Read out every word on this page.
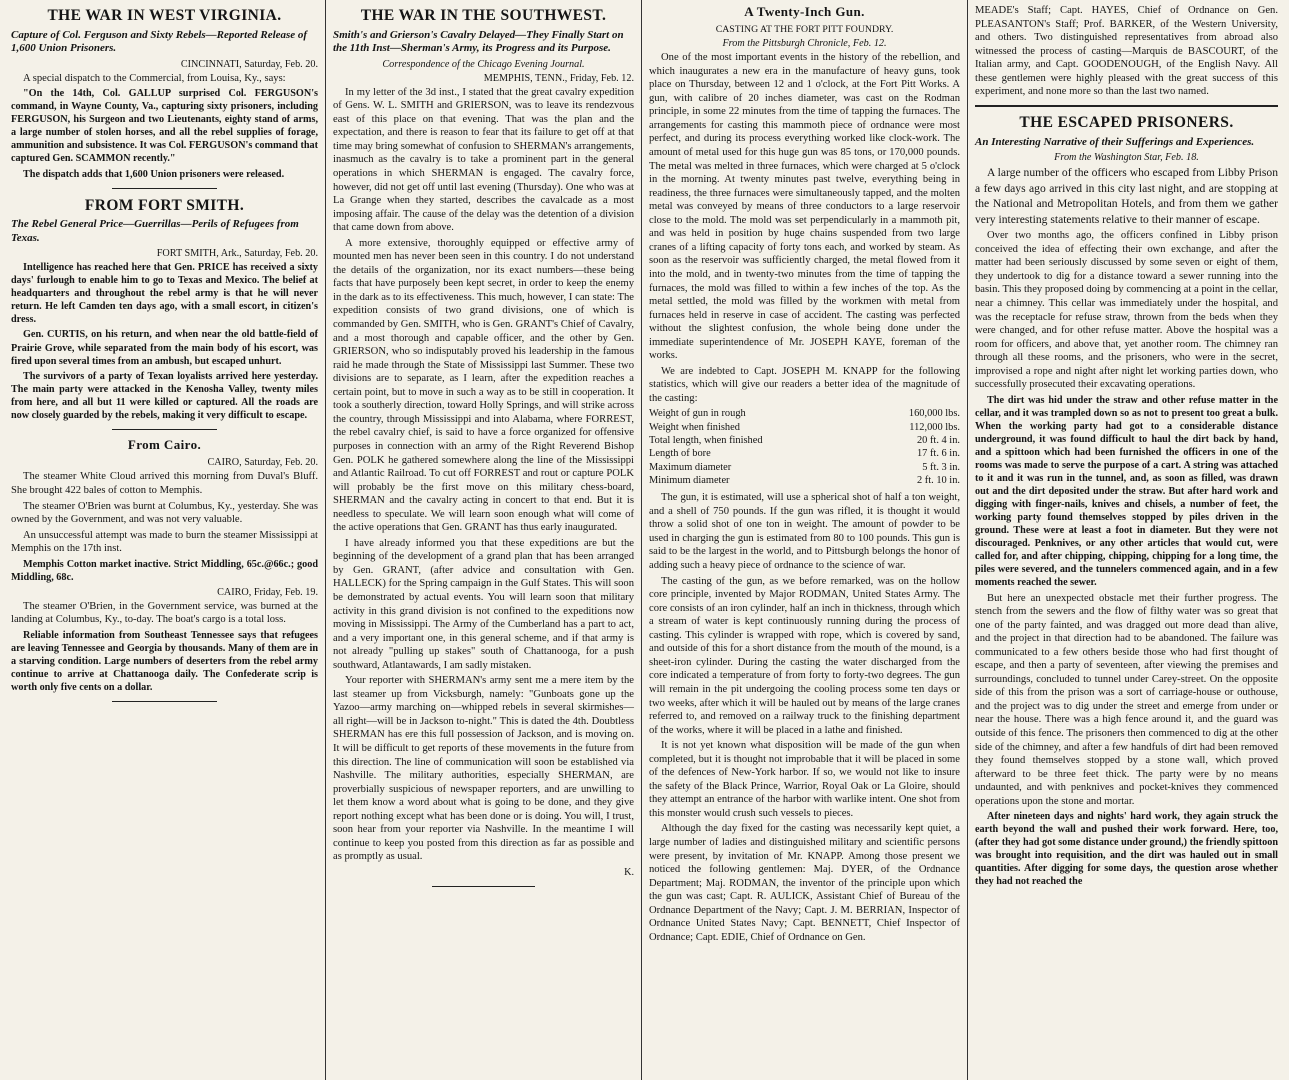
THE WAR IN WEST VIRGINIA.
Capture of Col. Ferguson and Sixty Rebels—Reported Release of 1,600 Union Prisoners.
CINCINNATI, Saturday, Feb. 20.

A special dispatch to the Commercial, from Louisa, Ky., says:

"On the 14th, Col. GALLUP surprised Col. FERGUSON's command, in Wayne County, Va., capturing sixty prisoners, including FERGUSON, his Surgeon and two Lieutenants, eighty stand of arms, a large number of stolen horses, and all the rebel supplies of forage, ammunition and subsistence. It was Col. FERGUSON's command that captured Gen. SCAMMON recently."

The dispatch adds that 1,600 Union prisoners were released.

FROM FORT SMITH.
The Rebel General Price—Guerrillas—Perils of Refugees from Texas.
FORT SMITH, Ark., Saturday, Feb. 20.

Intelligence has reached here that Gen. PRICE has received a sixty days' furlough to enable him to go to Texas and Mexico. The belief at headquarters and throughout the rebel army is that he will never return. He left Camden ten days ago, with a small escort, in citizen's dress.

Gen. CURTIS, on his return, and when near the old battle-field of Prairie Grove, while separated from the main body of his escort, was fired upon several times from an ambush, but escaped unhurt.

The survivors of a party of Texan loyalists arrived here yesterday. The main party were attacked in the Kenosha Valley, twenty miles from here, and all but 11 were killed or captured. All the roads are now closely guarded by the rebels, making it very difficult to escape.

From Cairo.
CAIRO, Saturday, Feb. 20.

The steamer White Cloud arrived this morning from Duval's Bluff. She brought 422 bales of cotton to Memphis.

The steamer O'Brien was burnt at Columbus, Ky., yesterday. She was owned by the Government, and was not very valuable.

An unsuccessful attempt was made to burn the steamer Mississippi at Memphis on the 17th inst.

Memphis Cotton market inactive. Strict Middling, 65c.@66c.; good Middling, 68c.

CAIRO, Friday, Feb. 19.

The steamer O'Brien, in the Government service, was burned at the landing at Columbus, Ky., to-day. The boat's cargo is a total loss.

Reliable information from Southeast Tennessee says that refugees are leaving Tennessee and Georgia by thousands. Many of them are in a starving condition. Large numbers of deserters from the rebel army continue to arrive at Chattanooga daily. The Confederate scrip is worth only five cents on a dollar.

THE WAR IN THE SOUTHWEST.
Smith's and Grierson's Cavalry Delayed—They Finally Start on the 11th Inst—Sherman's Army, its Progress and its Purpose.
Correspondence of the Chicago Evening Journal.
MEMPHIS, TENN., Friday, Feb. 12.

In my letter of the 3d inst., I stated that the great cavalry expedition of Gens. W. L. SMITH and GRIERSON, was to leave its rendezvous east of this place on that evening. That was the plan and the expectation, and there is reason to fear that its failure to get off at that time may bring somewhat of confusion to SHERMAN's arrangements, inasmuch as the cavalry is to take a prominent part in the general operations in which SHERMAN is engaged. The cavalry force, however, did not get off until last evening (Thursday). One who was at La Grange when they started, describes the cavalcade as a most imposing affair. The cause of the delay was the detention of a division that came down from above.

A more extensive, thoroughly equipped or effective army of mounted men has never been seen in this country. I do not understand the details of the organization, nor its exact numbers—these being facts that have purposely been kept secret, in order to keep the enemy in the dark as to its effectiveness. This much, however, I can state: The expedition consists of two grand divisions, one of which is commanded by Gen. SMITH, who is Gen. GRANT's Chief of Cavalry, and a most thorough and capable officer, and the other by Gen. GRIERSON, who so indisputably proved his leadership in the famous raid he made through the State of Mississippi last Summer. These two divisions are to separate, as I learn, after the expedition reaches a certain point, but to move in such a way as to be still in cooperation. It took a southerly direction, toward Holly Springs, and will strike across the country, through Mississippi and into Alabama, where FORREST, the rebel cavalry chief, is said to have a force organized for offensive purposes in connection with an army of the Right Reverend Bishop Gen. POLK he gathered somewhere along the line of the Mississippi and Atlantic Railroad. To cut off FORREST and rout or capture POLK will probably be the first move on this military chess-board, SHERMAN and the cavalry acting in concert to that end. But it is needless to speculate. We will learn soon enough what will come of the active operations that Gen. GRANT has thus early inaugurated.

I have already informed you that these expeditions are but the beginning of the development of a grand plan that has been arranged by Gen. GRANT, (after advice and consultation with Gen. HALLECK) for the Spring campaign in the Gulf States. This will soon be demonstrated by actual events. You will learn soon that military activity in this grand division is not confined to the expeditions now moving in Mississippi. The Army of the Cumberland has a part to act, and a very important one, in this general scheme, and if that army is not already "pulling up stakes" south of Chattanooga, for a push southward, Atlantawards, I am sadly mistaken.

Your reporter with SHERMAN's army sent me a mere item by the last steamer up from Vicksburgh, namely: "Gunboats gone up the Yazoo—army marching on—whipped rebels in several skirmishes—all right—will be in Jackson to-night." This is dated the 4th. Doubtless SHERMAN has ere this full possession of Jackson, and is moving on. It will be difficult to get reports of these movements in the future from this direction. The line of communication will soon be established via Nashville. The military authorities, especially SHERMAN, are proverbially suspicious of newspaper reporters, and are unwilling to let them know a word about what is going to be done, and they give report nothing except what has been done or is doing. You will, I trust, soon hear from your reporter via Nashville. In the meantime I will continue to keep you posted from this direction as far as possible and as promptly as usual.

K.
A Twenty-Inch Gun.
CASTING AT THE FORT PITT FOUNDRY.
From the Pittsburgh Chronicle, Feb. 12.

One of the most important events in the history of the rebellion, and which inaugurates a new era in the manufacture of heavy guns, took place on Thursday, between 12 and 1 o'clock, at the Fort Pitt Works. A gun, with calibre of 20 inches diameter, was cast on the Rodman principle, in some 22 minutes from the time of tapping the furnaces. The arrangements for casting this mammoth piece of ordnance were most perfect, and during its process everything worked like clock-work. The amount of metal used for this huge gun was 85 tons, or 170,000 pounds. The metal was melted in three furnaces, which were charged at 5 o'clock in the morning. At twenty minutes past twelve, everything being in readiness, the three furnaces were simultaneously tapped, and the molten metal was conveyed by means of three conductors to a large reservoir close to the mold. The mold was set perpendicularly in a mammoth pit, and was held in position by huge chains suspended from two large cranes of a lifting capacity of forty tons each, and worked by steam. As soon as the reservoir was sufficiently charged, the metal flowed from it into the mold, and in twenty-two minutes from the time of tapping the furnaces, the mold was filled to within a few inches of the top. As the metal settled, the mold was filled by the workmen with metal from furnaces held in reserve in case of accident. The casting was perfected without the slightest confusion, the whole being done under the immediate superintendence of Mr. JOSEPH KAYE, foreman of the works.

We are indebted to Capt. JOSEPH M. KNAPP for the following statistics, which will give our readers a better idea of the magnitude of the casting:

Weight of gun in rough	160,000 lbs.
Weight when finished	112,000 lbs.
Total length, when finished	20 ft. 4 in.
Length of bore	17 ft. 6 in.
Maximum diameter	5 ft. 3 in.
Minimum diameter	2 ft. 10 in.

The gun, it is estimated, will use a spherical shot of half a ton weight, and a shell of 750 pounds. If the gun was rifled, it is thought it would throw a solid shot of one ton in weight. The amount of powder to be used in charging the gun is estimated from 80 to 100 pounds. This gun is said to be the largest in the world, and to Pittsburgh belongs the honor of adding such a heavy piece of ordnance to the science of war.

The casting of the gun, as we before remarked, was on the hollow core principle, invented by Major RODMAN, United States Army. The core consists of an iron cylinder, half an inch in thickness, through which a stream of water is kept continuously running during the process of casting. This cylinder is wrapped with rope, which is covered by sand, and outside of this for a short distance from the mouth of the mound, is a sheet-iron cylinder. During the casting the water discharged from the core indicated a temperature of from forty to forty-two degrees. The gun will remain in the pit undergoing the cooling process some ten days or two weeks, after which it will be hauled out by means of the large cranes referred to, and removed on a railway truck to the finishing department of the works, where it will be placed in a lathe and finished.

It is not yet known what disposition will be made of the gun when completed, but it is thought not improbable that it will be placed in some of the defences of New-York harbor. If so, we would not like to insure the safety of the Black Prince, Warrior, Royal Oak or La Gloire, should they attempt an entrance of the harbor with warlike intent. One shot from this monster would crush such vessels to pieces.

Although the day fixed for the casting was necessarily kept quiet, a large number of ladies and distinguished military and scientific persons were present, by invitation of Mr. KNAPP. Among those present we noticed the following gentlemen: Maj. DYER, of the Ordnance Department; Maj. RODMAN, the inventor of the principle upon which the gun was cast; Capt. R. AULICK, Assistant Chief of Bureau of the Ordnance Department of the Navy; Capt. J. M. BERRIAN, Inspector of Ordnance United States Navy; Capt. BENNETT, Chief Inspector of Ordnance; Capt. EDIE, Chief of Ordnance on Gen.

MEADE's Staff; Capt. HAYES, Chief of Ordnance on Gen. PLEASANTON's Staff; Prof. BARKER, of the Western University, and others. Two distinguished representatives from abroad also witnessed the process of casting—Marquis de BASCOURT, of the Italian army, and Capt. GOODENOUGH, of the English Navy. All these gentlemen were highly pleased with the great success of this experiment, and none more so than the last two named.

THE ESCAPED PRISONERS.
An Interesting Narrative of their Sufferings and Experiences.
From the Washington Star, Feb. 18.

A large number of the officers who escaped from Libby Prison a few days ago arrived in this city last night, and are stopping at the National and Metropolitan Hotels, and from them we gather very interesting statements relative to their manner of escape.

Over two months ago, the officers confined in Libby prison conceived the idea of effecting their own exchange, and after the matter had been seriously discussed by some seven or eight of them, they undertook to dig for a distance toward a sewer running into the basin. This they proposed doing by commencing at a point in the cellar, near a chimney. This cellar was immediately under the hospital, and was the receptacle for refuse straw, thrown from the beds when they were changed, and for other refuse matter. Above the hospital was a room for officers, and above that, yet another room. The chimney ran through all these rooms, and the prisoners, who were in the secret, improvised a rope and night after night let working parties down, who successfully prosecuted their excavating operations.

The dirt was hid under the straw and other refuse matter in the cellar, and it was trampled down so as not to present too great a bulk. When the working party had got to a considerable distance underground, it was found difficult to haul the dirt back by hand, and a spittoon which had been furnished the officers in one of the rooms was made to serve the purpose of a cart. A string was attached to it and it was run in the tunnel, and, as soon as filled, was drawn out and the dirt deposited under the straw. But after hard work and digging with finger-nails, knives and chisels, a number of feet, the working party found themselves stopped by piles driven in the ground. These were at least a foot in diameter. But they were not discouraged. Penknives, or any other articles that would cut, were called for, and after chipping, chipping, chipping for a long time, the piles were severed, and the tunnelers commenced again, and in a few moments reached the sewer.

But here an unexpected obstacle met their further progress. The stench from the sewers and the flow of filthy water was so great that one of the party fainted, and was dragged out more dead than alive, and the project in that direction had to be abandoned. The failure was communicated to a few others beside those who had first thought of escape, and then a party of seventeen, after viewing the premises and surroundings, concluded to tunnel under Carey-street. On the opposite side of this from the prison was a sort of carriage-house or outhouse, and the project was to dig under the street and emerge from under or near the house. There was a high fence around it, and the guard was outside of this fence. The prisoners then commenced to dig at the other side of the chimney, and after a few handfuls of dirt had been removed they found themselves stopped by a stone wall, which proved afterward to be three feet thick. The party were by no means undaunted, and with penknives and pocket-knives they commenced operations upon the stone and mortar.

After nineteen days and nights' hard work, they again struck the earth beyond the wall and pushed their work forward. Here, too, (after they had got some distance under ground,) the friendly spittoon was brought into requisition, and the dirt was hauled out in small quantities. After digging for some days, the question arose whether they had not reached the
